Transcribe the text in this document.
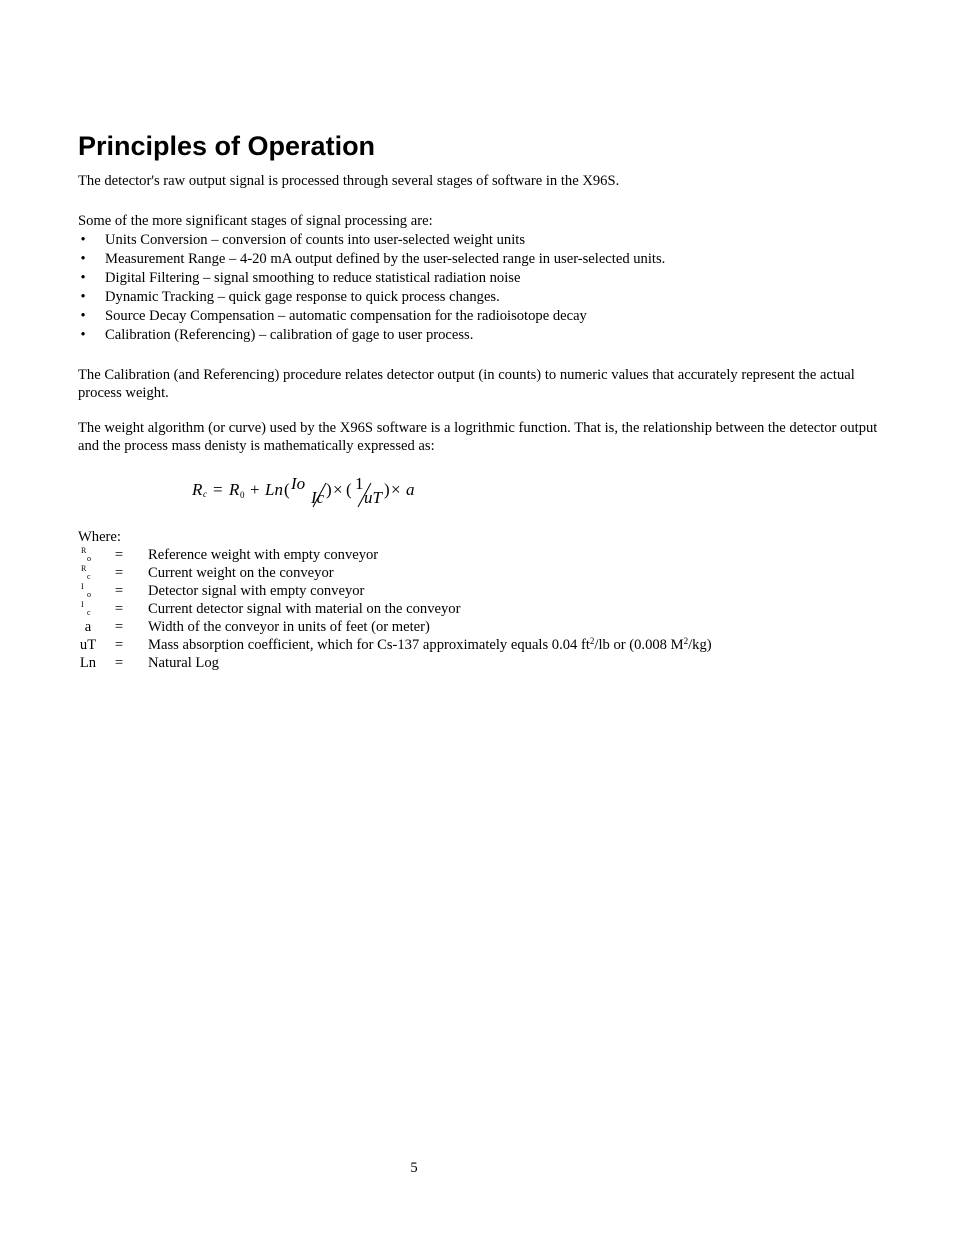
Principles of Operation

The detector's raw output signal is processed through several stages of software in the X96S.

Some of the more significant stages of signal processing are:

• Units Conversion – conversion of counts into user-selected weight units
• Measurement Range – 4-20 mA output defined by the user-selected range in user-selected units.
• Digital Filtering – signal smoothing to reduce statistical radiation noise
• Dynamic Tracking – quick gage response to quick process changes.
• Source Decay Compensation – automatic compensation for the radioisotope decay
• Calibration (Referencing) – calibration of gage to user process.

The Calibration (and Referencing) procedure relates detector output (in counts) to numeric values that accurately represent the actual process weight.

The weight algorithm (or curve) used by the X96S software is a logrithmic function. That is, the relationship between the detector output and the process mass denisty is mathematically expressed as:

R c = R 0 + Ln ( Io
Ic ) × ( 1
uT ) × a

Where:

R
o = Reference weight with empty conveyor
R
c = Current weight on the conveyor
I
o = Detector signal with empty conveyor
I
c = Current detector signal with material on the conveyor
a	= Width of the conveyor in units of feet (or meter)
uT = Mass absorption coefficient, which for Cs-137 approximately equals 0.04 $ft^2/lb$ or (0.008 $M^2/kg$)
Ln = Natural Log
5
